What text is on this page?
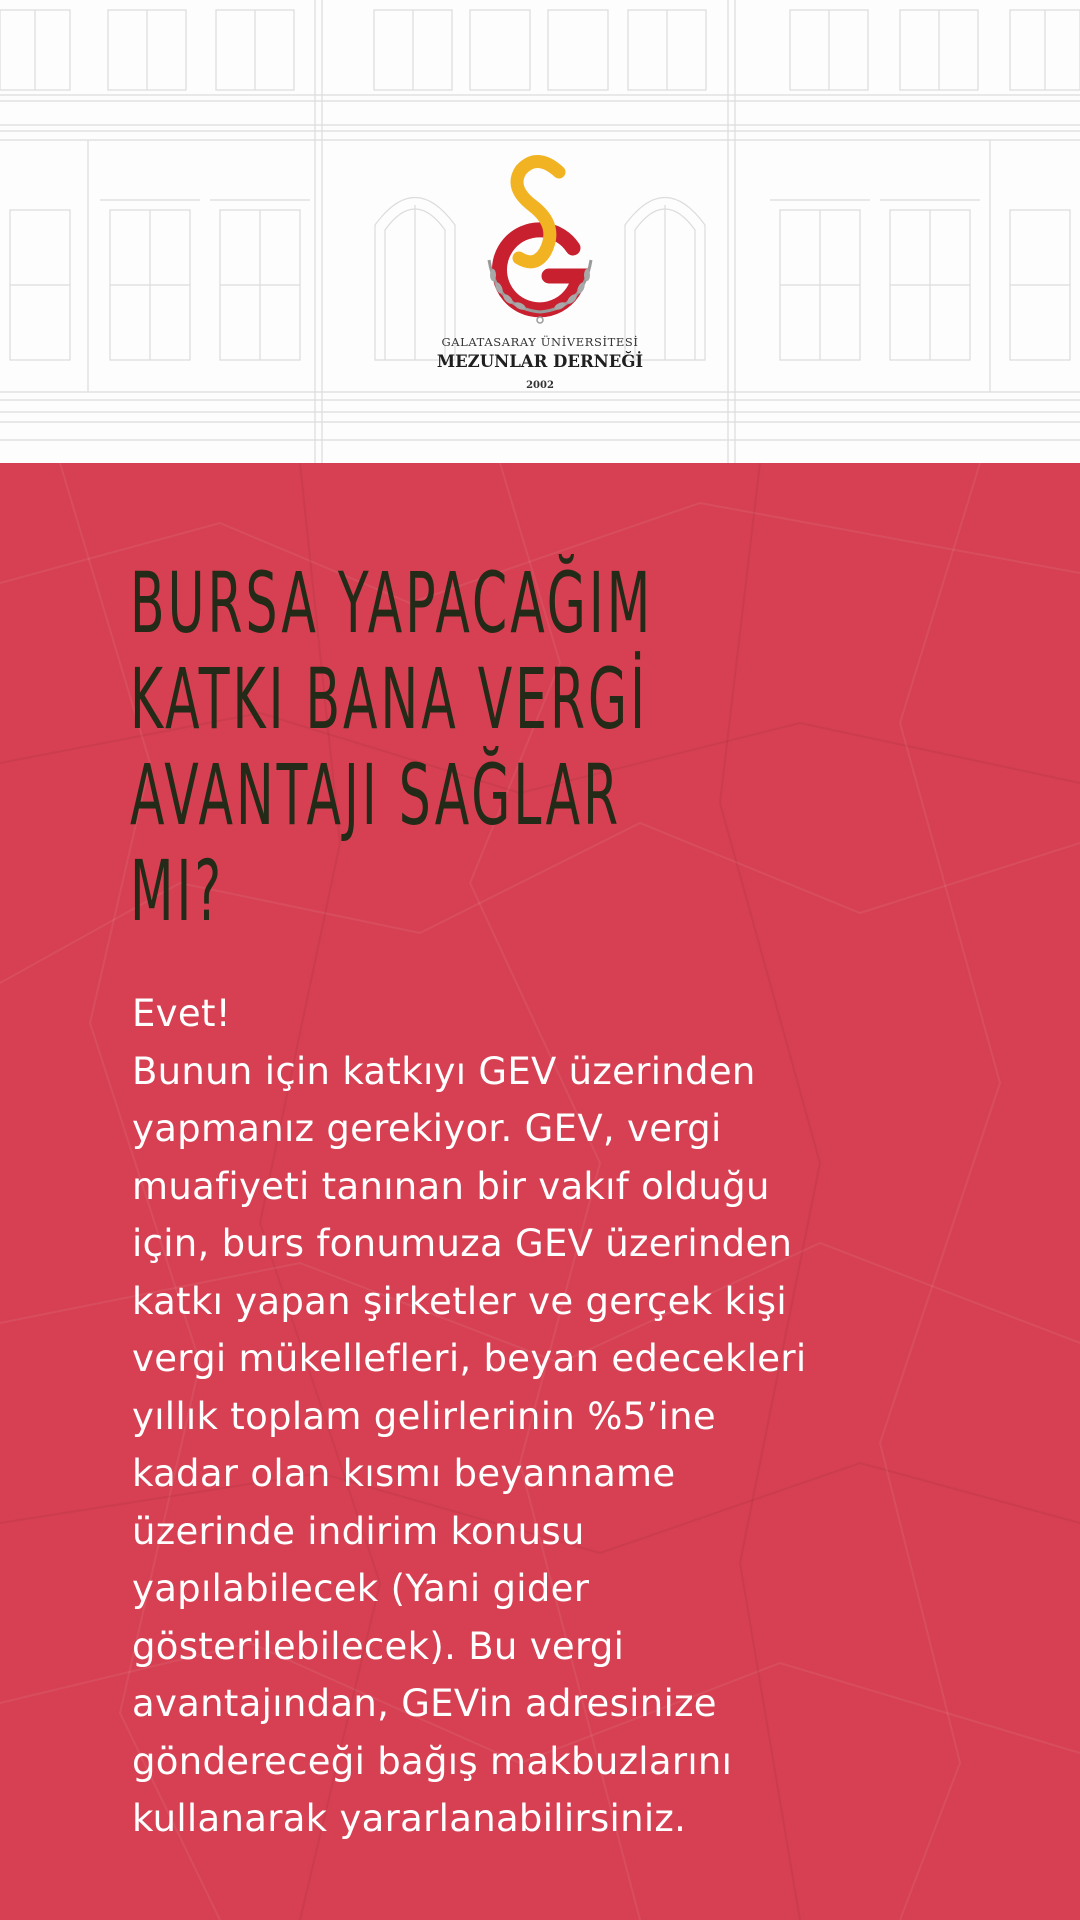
GALATASARAY ÜNİVERSİTESİ
MEZUNLAR DERNEĞİ
2002
BURSA YAPACAĞIM
KATKI BANA VERGİ
AVANTAJI SAĞLAR
MI?
Evet!
Bunun için katkıyı GEV üzerinden
yapmanız gerekiyor. GEV, vergi
muafiyeti tanınan bir vakıf olduğu
için, burs fonumuza GEV üzerinden
katkı yapan şirketler ve gerçek kişi
vergi mükellefleri, beyan edecekleri
yıllık toplam gelirlerinin %5’ine
kadar olan kısmı beyanname
üzerinde indirim konusu
yapılabilecek (Yani gider
gösterilebilecek). Bu vergi
avantajından, GEVin adresinize
göndereceği bağış makbuzlarını
kullanarak yararlanabilirsiniz.
